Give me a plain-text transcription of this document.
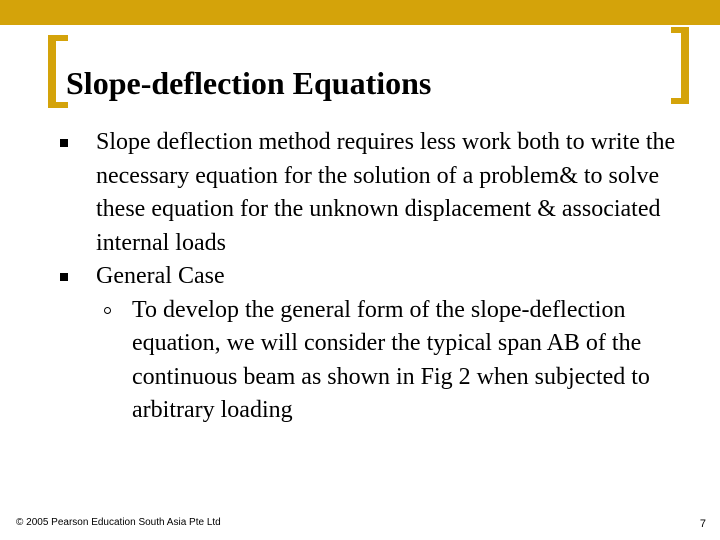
Slope-deflection Equations
Slope deflection method requires less work both to write the necessary equation for the solution of a problem& to solve these equation for the unknown displacement & associated internal loads
General Case
To develop the general form of the slope-deflection equation, we will consider the typical span AB of the continuous beam as shown in Fig 2 when subjected to arbitrary loading
© 2005 Pearson Education South Asia Pte Ltd	7
